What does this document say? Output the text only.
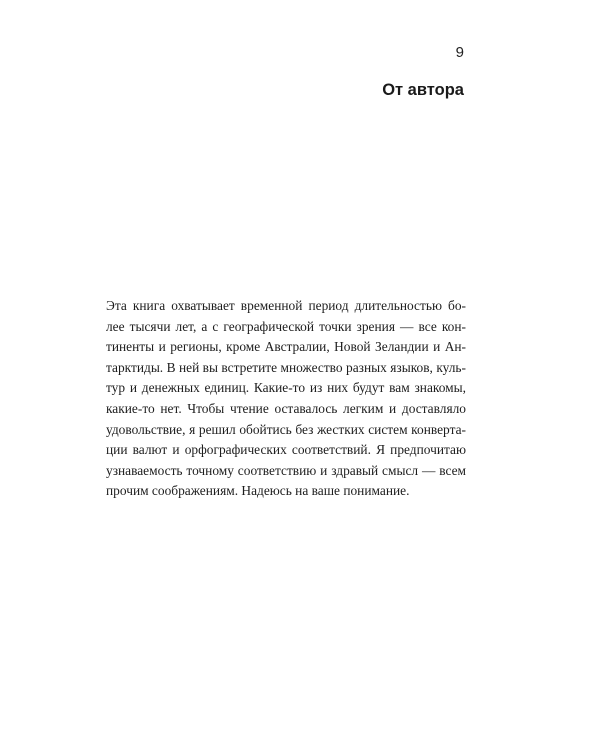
9
От автора
Эта книга охватывает временной период длительностью бо-
лее тысячи лет, а с географической точки зрения — все кон-
тиненты и регионы, кроме Австралии, Новой Зеландии и Ан-
тарктиды. В ней вы встретите множество разных языков, куль-
тур и денежных единиц. Какие-то из них будут вам знакомы,
какие-то нет. Чтобы чтение оставалось легким и доставляло
удовольствие, я решил обойтись без жестких систем конверта-
ции валют и орфографических соответствий. Я предпочитаю
узнаваемость точному соответствию и здравый смысл — всем
прочим соображениям. Надеюсь на ваше понимание.
